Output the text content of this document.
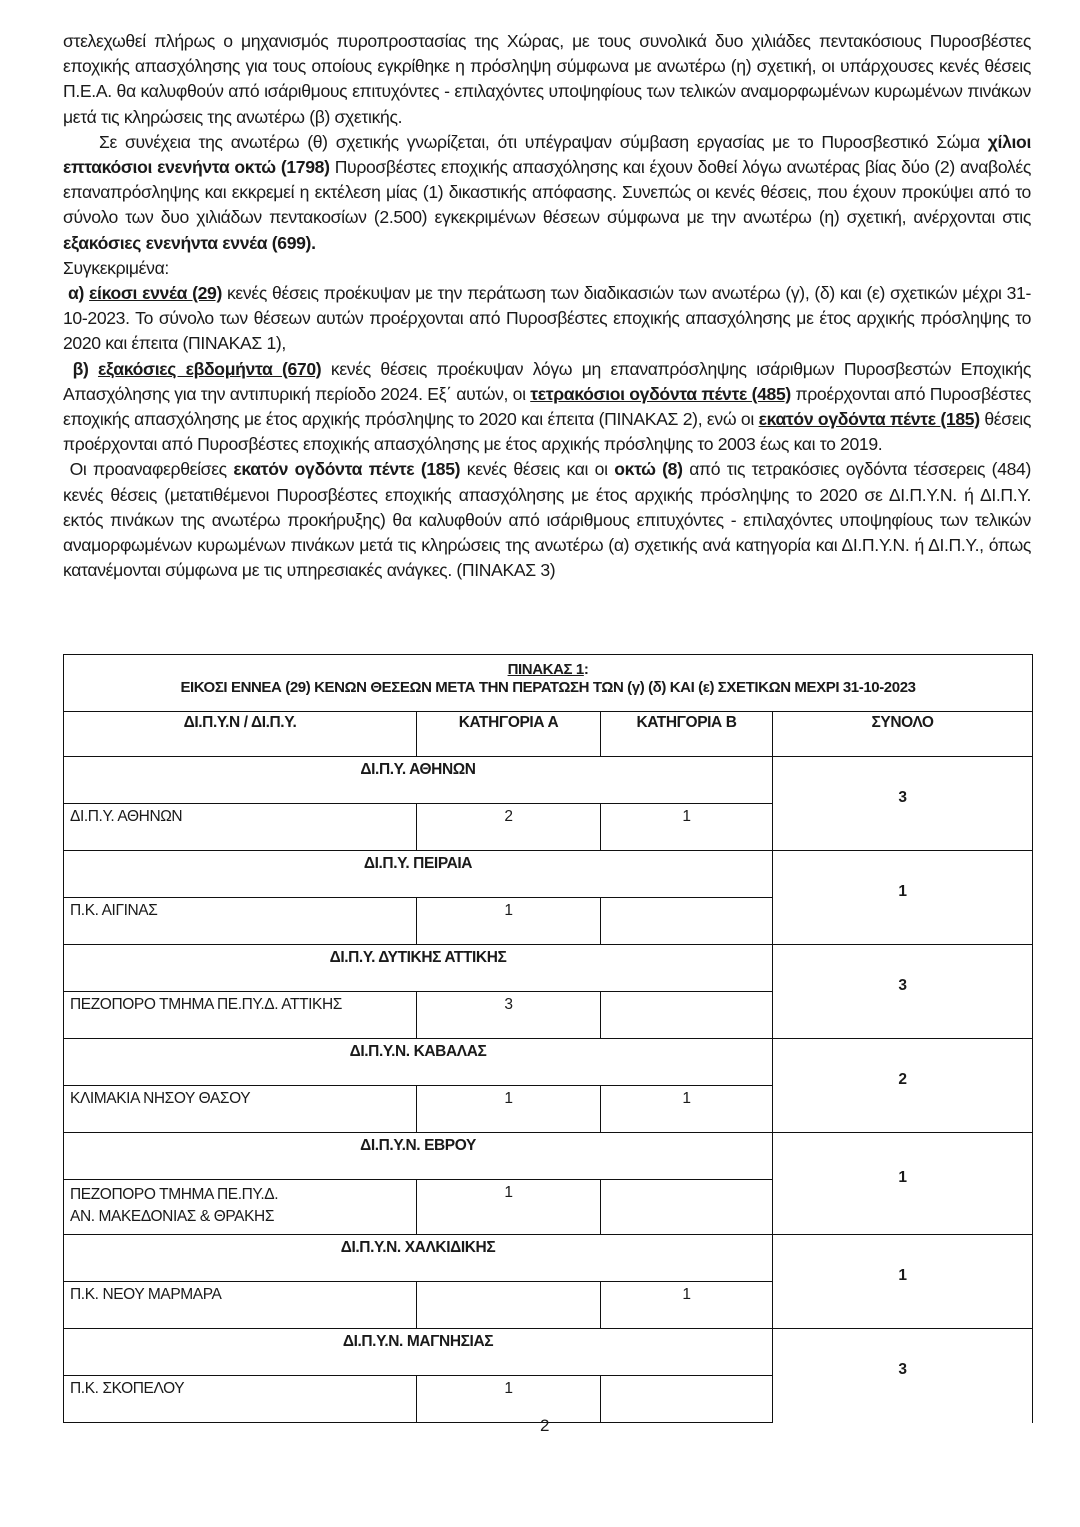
στελεχωθεί πλήρως ο μηχανισμός πυροπροστασίας της Χώρας, με τους συνολικά δυο χιλιάδες πεντακόσιους Πυροσβέστες εποχικής απασχόλησης για τους οποίους εγκρίθηκε η πρόσληψη σύμφωνα με ανωτέρω (η) σχετική, οι υπάρχουσες κενές θέσεις Π.Ε.Α. θα καλυφθούν από ισάριθμους επιτυχόντες - επιλαχόντες υποψηφίους των τελικών αναμορφωμένων κυρωμένων πινάκων μετά τις κληρώσεις της ανωτέρω (β) σχετικής.

Σε συνέχεια της ανωτέρω (θ) σχετικής γνωρίζεται, ότι υπέγραψαν σύμβαση εργασίας με το Πυροσβεστικό Σώμα χίλιοι επτακόσιοι ενενήντα οκτώ (1798) Πυροσβέστες εποχικής απασχόλησης και έχουν δοθεί λόγω ανωτέρας βίας δύο (2) αναβολές επαναπρόσληψης και εκκρεμεί η εκτέλεση μίας (1) δικαστικής απόφασης. Συνεπώς οι κενές θέσεις, που έχουν προκύψει από το σύνολο των δυο χιλιάδων πεντακοσίων (2.500) εγκεκριμένων θέσεων σύμφωνα με την ανωτέρω (η) σχετική, ανέρχονται στις εξακόσιες ενενήντα εννέα (699).
Συγκεκριμένα:

α) είκοσι εννέα (29) κενές θέσεις προέκυψαν με την περάτωση των διαδικασιών των ανωτέρω (γ), (δ) και (ε) σχετικών μέχρι 31-10-2023. Το σύνολο των θέσεων αυτών προέρχονται από Πυροσβέστες εποχικής απασχόλησης με έτος αρχικής πρόσληψης το 2020 και έπειτα (ΠΙΝΑΚΑΣ 1),

β) εξακόσιες εβδομήντα (670) κενές θέσεις προέκυψαν λόγω μη επαναπρόσληψης ισάριθμων Πυροσβεστών Εποχικής Απασχόλησης για την αντιπυρική περίοδο 2024. Εξ΄ αυτών, οι τετρακόσιοι ογδόντα πέντε (485) προέρχονται από Πυροσβέστες εποχικής απασχόλησης με έτος αρχικής πρόσληψης το 2020 και έπειτα (ΠΙΝΑΚΑΣ 2), ενώ οι εκατόν ογδόντα πέντε (185) θέσεις προέρχονται από Πυροσβέστες εποχικής απασχόλησης με έτος αρχικής πρόσληψης το 2003 έως και το 2019.

Οι προαναφερθείσες εκατόν ογδόντα πέντε (185) κενές θέσεις και οι οκτώ (8) από τις τετρακόσιες ογδόντα τέσσερεις (484) κενές θέσεις (μετατιθέμενοι Πυροσβέστες εποχικής απασχόλησης με έτος αρχικής πρόσληψης το 2020 σε ΔΙ.Π.Υ.Ν. ή ΔΙ.Π.Υ. εκτός πινάκων της ανωτέρω προκήρυξης) θα καλυφθούν από ισάριθμους επιτυχόντες - επιλαχόντες υποψηφίους των τελικών αναμορφωμένων κυρωμένων πινάκων μετά τις κληρώσεις της ανωτέρω (α) σχετικής ανά κατηγορία και ΔΙ.Π.Υ.Ν. ή ΔΙ.Π.Υ., όπως κατανέμονται σύμφωνα με τις υπηρεσιακές ανάγκες. (ΠΙΝΑΚΑΣ 3)

ΠΙΝΑΚΑΣ 1:
ΕΙΚΟΣΙ ΕΝΝΕΑ (29) ΚΕΝΩΝ ΘΕΣΕΩΝ ΜΕΤΑ ΤΗΝ ΠΕΡΑΤΩΣΗ ΤΩΝ (γ) (δ) ΚΑΙ (ε) ΣΧΕΤΙΚΩΝ ΜΕΧΡΙ 31-10-2023			
ΔΙ.Π.Υ.Ν / ΔΙ.Π.Υ.	ΚΑΤΗΓΟΡΙΑ Α	ΚΑΤΗΓΟΡΙΑ Β	ΣΥΝΟΛΟ
ΔΙ.Π.Υ. ΑΘΗΝΩΝ			3
ΔΙ.Π.Υ. ΑΘΗΝΩΝ	2	1	
ΔΙ.Π.Υ. ΠΕΙΡΑΙΑ			1
Π.Κ. ΑΙΓΙΝΑΣ	1		
ΔΙ.Π.Υ. ΔΥΤΙΚΗΣ ΑΤΤΙΚΗΣ			3
ΠΕΖΟΠΟΡΟ ΤΜΗΜΑ ΠΕ.ΠΥ.Δ. ΑΤΤΙΚΗΣ	3		
ΔΙ.Π.Υ.Ν. ΚΑΒΑΛΑΣ			2
ΚΛΙΜΑΚΙΑ ΝΗΣΟΥ ΘΑΣΟΥ	1	1	
ΔΙ.Π.Υ.Ν. ΕΒΡΟΥ			1
ΠΕΖΟΠΟΡΟ ΤΜΗΜΑ ΠΕ.ΠΥ.Δ.
ΑΝ. ΜΑΚΕΔΟΝΙΑΣ & ΘΡΑΚΗΣ	1		
ΔΙ.Π.Υ.Ν. ΧΑΛΚΙΔΙΚΗΣ			1
Π.Κ. ΝΕΟΥ ΜΑΡΜΑΡΑ		1	
ΔΙ.Π.Υ.Ν. ΜΑΓΝΗΣΙΑΣ			3
Π.Κ. ΣΚΟΠΕΛΟΥ	1		
2
